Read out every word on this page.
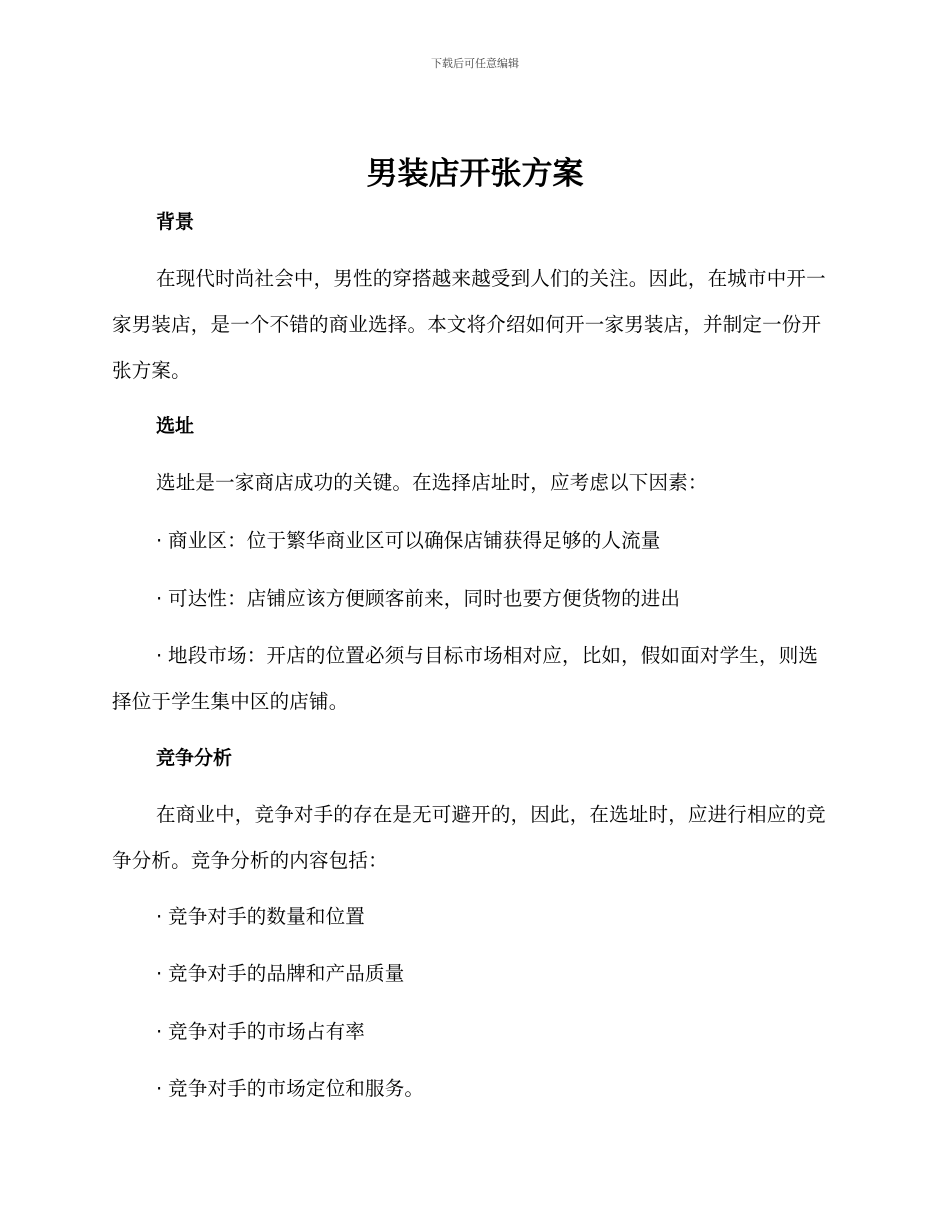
下载后可任意编辑
男装店开张方案
背景
在现代时尚社会中，男性的穿搭越来越受到人们的关注。因此，在城市中开一家男装店，是一个不错的商业选择。本文将介绍如何开一家男装店，并制定一份开张方案。
选址
选址是一家商店成功的关键。在选择店址时，应考虑以下因素：
· 商业区：位于繁华商业区可以确保店铺获得足够的人流量
· 可达性：店铺应该方便顾客前来，同时也要方便货物的进出
· 地段市场：开店的位置必须与目标市场相对应，比如，假如面对学生，则选择位于学生集中区的店铺。
竞争分析
在商业中，竞争对手的存在是无可避开的，因此，在选址时，应进行相应的竞争分析。竞争分析的内容包括：
· 竞争对手的数量和位置
· 竞争对手的品牌和产品质量
· 竞争对手的市场占有率
· 竞争对手的市场定位和服务。
